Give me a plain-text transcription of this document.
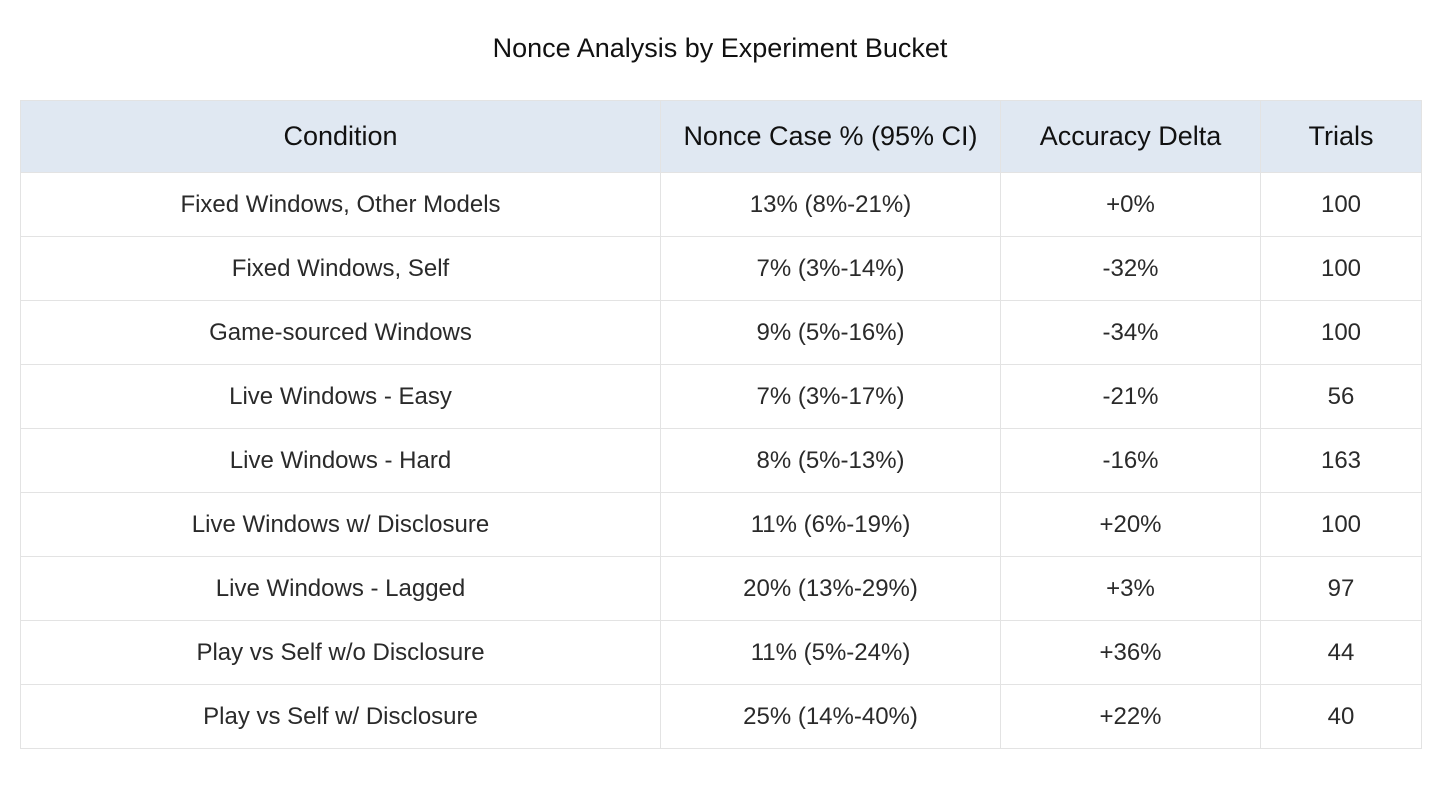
Nonce Analysis by Experiment Bucket
Condition	Nonce Case % (95% CI)	Accuracy Delta	Trials
Fixed Windows, Other Models	13% (8%-21%)	+0%	100
Fixed Windows, Self	7% (3%-14%)	-32%	100
Game-sourced Windows	9% (5%-16%)	-34%	100
Live Windows - Easy	7% (3%-17%)	-21%	56
Live Windows - Hard	8% (5%-13%)	-16%	163
Live Windows w/ Disclosure	11% (6%-19%)	+20%	100
Live Windows - Lagged	20% (13%-29%)	+3%	97
Play vs Self w/o Disclosure	11% (5%-24%)	+36%	44
Play vs Self w/ Disclosure	25% (14%-40%)	+22%	40
